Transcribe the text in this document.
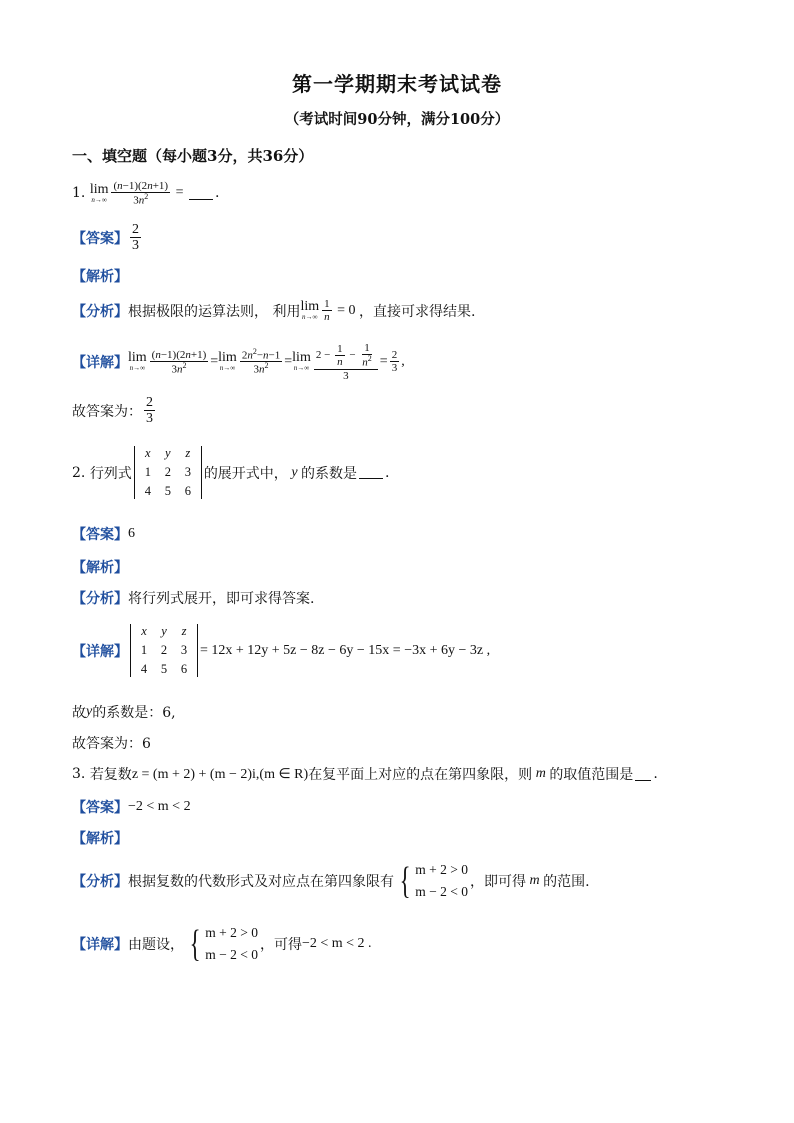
第一学期期末考试试卷
（考试时间90分钟，满分100分）
一、填空题（每小题3分，共36分）
1.
lim
$n\to\infty \frac{(n-1)(2n+1)}{3n^2}$ = .
【答案】 $\frac{2}{3}$
【解析】
【分析】 根据极限的运算法则， 利用 lim
$n\to\infty \frac{1}{n} = 0$ ，直接可求得结果.
【详解】 lim
$n\to\infty \frac{(n-1)(2n+1)}{3n^2} = \lim$
$n\to\infty \frac{2n^2-n-1}{3n^2} = \lim$
$n\to\infty \frac{2 - \frac{1}{n} - \frac{1}{n^2}}{3} = \frac{2}{3}$ ,
故答案为： $\frac{2}{3}$
2.
行列式
x	y	z
1	2	3
4	5	6
的展开式中， y 的系数是 .
【答案】 6
【解析】
【分析】 将行列式展开，即可求得答案.
【详解】
x	y	z
1	2	3
4	5	6
= 12x + 12y + 5z − 8z − 6y − 15x = −3x + 6y − 3z ,
故 y 的系数是：6,
故答案为：6
3.
若复数 z = (m + 2) + (m − 2)i,(m ∈ R) 在复平面上对应的点在第四象限，则 m 的取值范围是 .
【答案】 −2 < m < 2
【解析】
【分析】 根据复数的代数形式及对应点在第四象限有 { m + 2 > 0
m − 2 < 0
，即可得 m 的范围.
【详解】 由题设， { m + 2 > 0
m − 2 < 0
，可得 −2 < m < 2 .
